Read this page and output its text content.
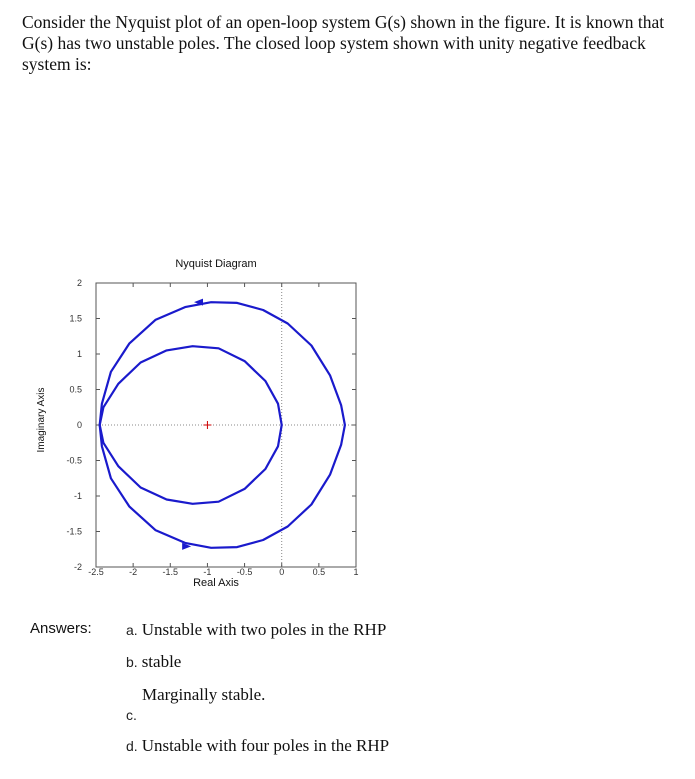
Consider the Nyquist plot of an open-loop system G(s) shown in the figure. It is known that G(s) has two unstable poles. The closed loop system shown with unity negative feedback system is:
-2.5	-2	-1.5	-1	-0.5	0	0.5	1
2
1.5
1
0.5
0
-0.5
-1
-1.5
-2
Nyquist Diagram
Real Axis
Imaginary Axis
Answers: a. Unstable with two poles in the RHP
b. stable
Marginally stable.
c.
d. Unstable with four poles in the RHP
